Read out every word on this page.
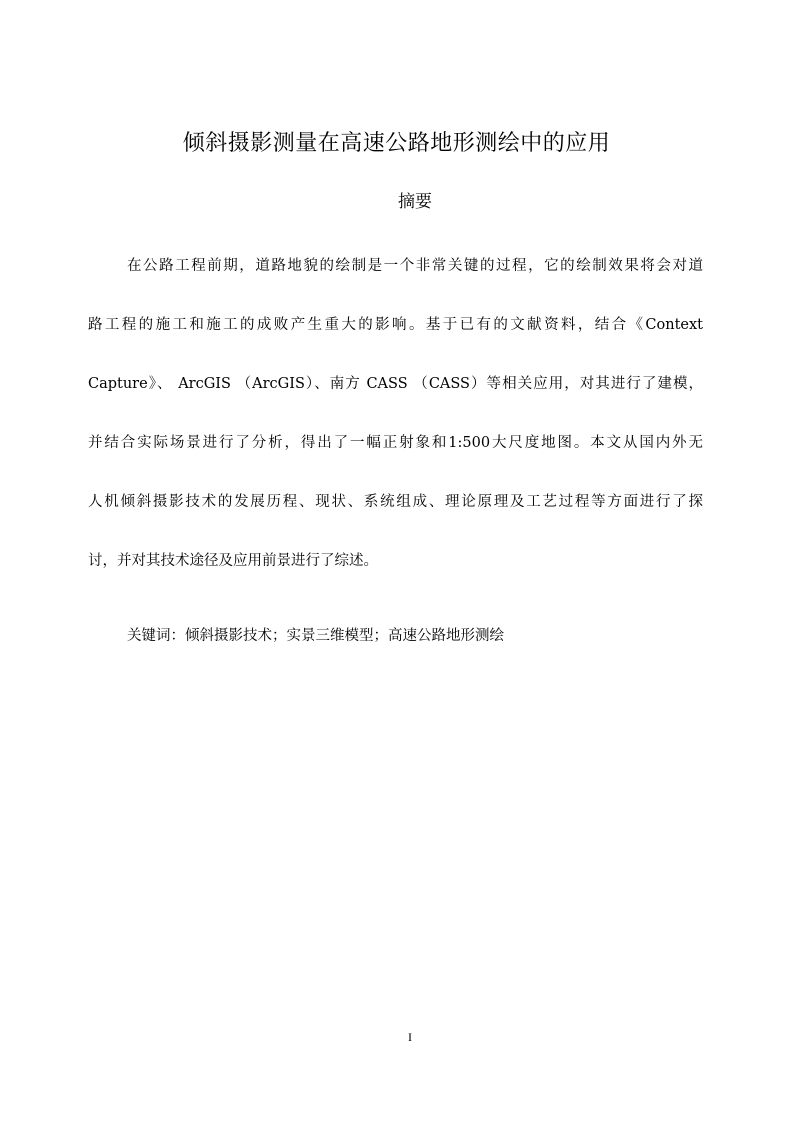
倾斜摄影测量在高速公路地形测绘中的应用
摘要
在公路工程前期，道路地貌的绘制是一个非常关键的过程，它的绘制效果将会对道
路工程的施工和施工的成败产生重大的影响。基于已有的文献资料，结合《Context
Capture》、 ArcGIS （ArcGIS）、南方 CASS （CASS）等相关应用，对其进行了建模，
并结合实际场景进行了分析，得出了一幅正射象和1:500大尺度地图。本文从国内外无
人机倾斜摄影技术的发展历程、现状、系统组成、理论原理及工艺过程等方面进行了探
讨，并对其技术途径及应用前景进行了综述。
关键词：倾斜摄影技术；实景三维模型；高速公路地形测绘
I
